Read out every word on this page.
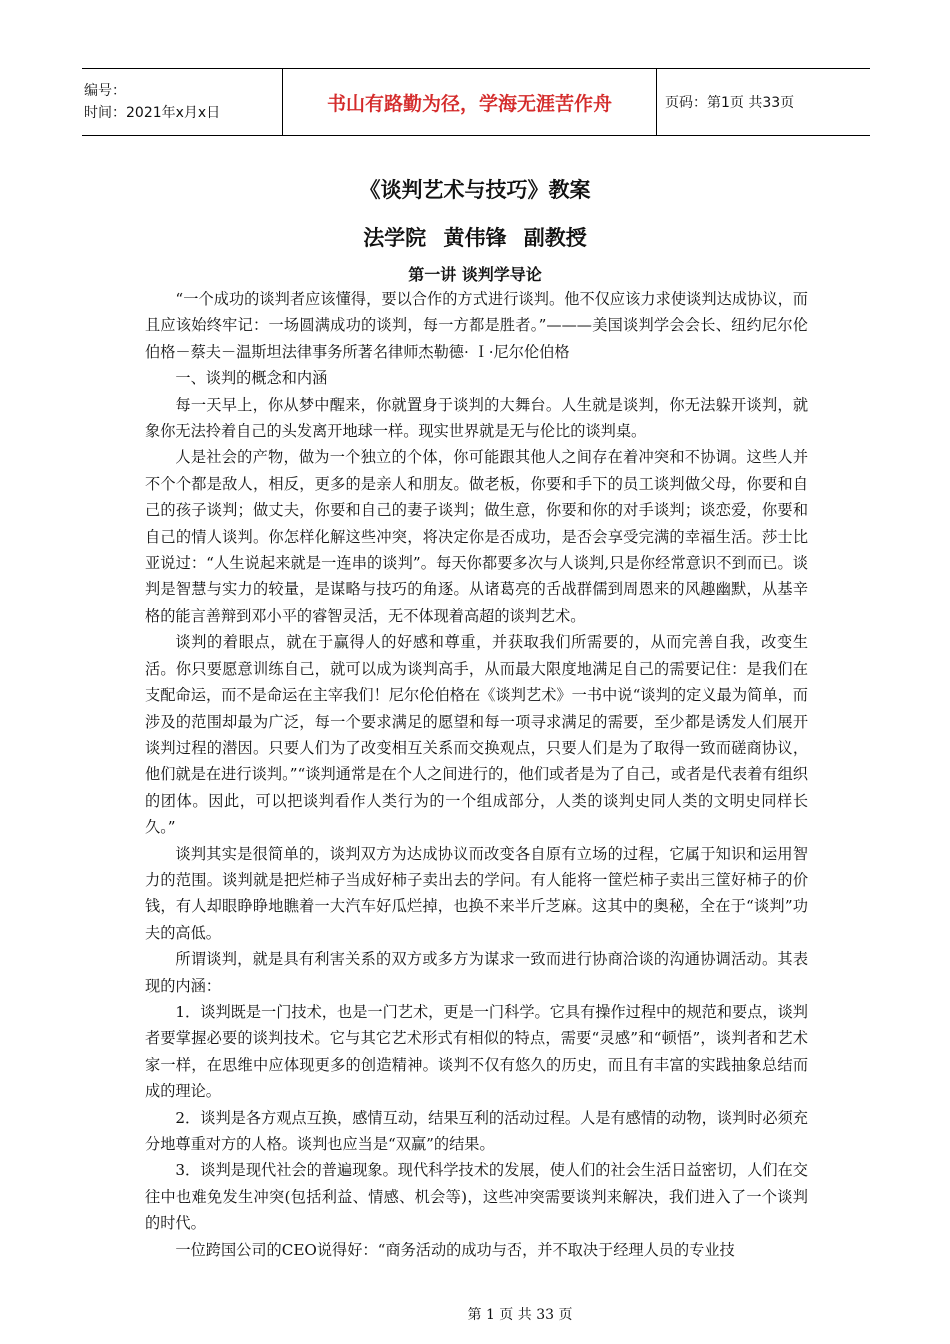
编号：
时间：2021年x月x日	书山有路勤为径，学海无涯苦作舟	页码：第1页 共33页
《谈判艺术与技巧》教案
法学院 黄伟锋 副教授
第一讲 谈判学导论

“一个成功的谈判者应该懂得，要以合作的方式进行谈判。他不仅应该力求使谈判达成协议，而且应该始终牢记：一场圆满成功的谈判，每一方都是胜者。”———美国谈判学会会长、纽约尼尔伦伯格－蔡夫－温斯坦法律事务所著名律师杰勒德· Ｉ·尼尔伦伯格

一、谈判的概念和内涵

每一天早上，你从梦中醒来，你就置身于谈判的大舞台。人生就是谈判，你无法躲开谈判，就象你无法拎着自己的头发离开地球一样。现实世界就是无与伦比的谈判桌。

人是社会的产物，做为一个独立的个体，你可能跟其他人之间存在着冲突和不协调。这些人并不个个都是敌人，相反，更多的是亲人和朋友。做老板，你要和手下的员工谈判做父母，你要和自己的孩子谈判；做丈夫，你要和自己的妻子谈判；做生意，你要和你的对手谈判；谈恋爱，你要和自己的情人谈判。你怎样化解这些冲突，将决定你是否成功，是否会享受完满的幸福生活。莎士比亚说过：“人生说起来就是一连串的谈判”。每天你都要多次与人谈判,只是你经常意识不到而已。谈判是智慧与实力的较量，是谋略与技巧的角逐。从诸葛亮的舌战群儒到周恩来的风趣幽默，从基辛格的能言善辩到邓小平的睿智灵活，无不体现着高超的谈判艺术。

谈判的着眼点，就在于赢得人的好感和尊重，并获取我们所需要的，从而完善自我，改变生活。你只要愿意训练自己，就可以成为谈判高手，从而最大限度地满足自己的需要记住：是我们在支配命运，而不是命运在主宰我们！尼尔伦伯格在《谈判艺术》一书中说“谈判的定义最为简单，而涉及的范围却最为广泛，每一个要求满足的愿望和每一项寻求满足的需要，至少都是诱发人们展开谈判过程的潜因。只要人们为了改变相互关系而交换观点，只要人们是为了取得一致而磋商协议，他们就是在进行谈判。”“谈判通常是在个人之间进行的，他们或者是为了自己，或者是代表着有组织的团体。因此，可以把谈判看作人类行为的一个组成部分，人类的谈判史同人类的文明史同样长久。”

谈判其实是很简单的，谈判双方为达成协议而改变各自原有立场的过程，它属于知识和运用智力的范围。谈判就是把烂柿子当成好柿子卖出去的学问。有人能将一筐烂柿子卖出三筐好柿子的价钱，有人却眼睁睁地瞧着一大汽车好瓜烂掉，也换不来半斤芝麻。这其中的奥秘，全在于“谈判”功夫的高低。

所谓谈判，就是具有利害关系的双方或多方为谋求一致而进行协商洽谈的沟通协调活动。其表现的内涵：

1．谈判既是一门技术，也是一门艺术，更是一门科学。它具有操作过程中的规范和要点，谈判者要掌握必要的谈判技术。它与其它艺术形式有相似的特点，需要“灵感”和“顿悟”，谈判者和艺术家一样，在思维中应体现更多的创造精神。谈判不仅有悠久的历史，而且有丰富的实践抽象总结而成的理论。

2．谈判是各方观点互换，感情互动，结果互利的活动过程。人是有感情的动物，谈判时必须充分地尊重对方的人格。谈判也应当是“双赢”的结果。

3．谈判是现代社会的普遍现象。现代科学技术的发展，使人们的社会生活日益密切，人们在交往中也难免发生冲突(包括利益、情感、机会等)，这些冲突需要谈判来解决，我们进入了一个谈判的时代。

一位跨国公司的CEO说得好：“商务活动的成功与否，并不取决于经理人员的专业技

第 1 页 共 33 页
